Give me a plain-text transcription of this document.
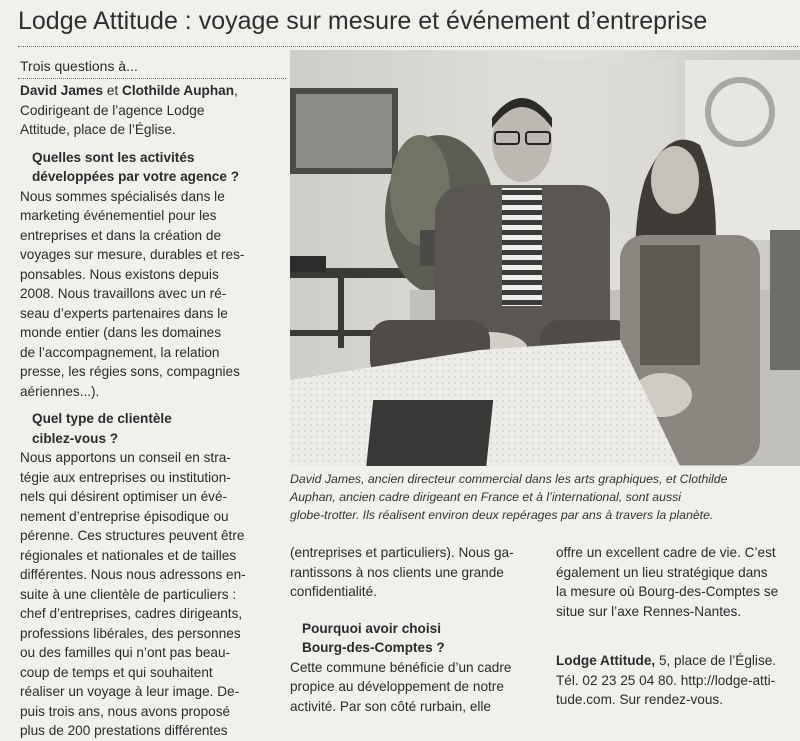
Lodge Attitude : voyage sur mesure et événement d’entreprise
Trois questions à...

David James et Clothilde Auphan,
Codirigeant de l’agence Lodge
Attitude, place de l’Église.

Quelles sont les activités
développées par votre agence ?

Nous sommes spécialisés dans le
marketing événementiel pour les
entreprises et dans la création de
voyages sur mesure, durables et res-
ponsables. Nous existons depuis
2008. Nous travaillons avec un ré-
seau d’experts partenaires dans le
monde entier (dans les domaines
de l’accompagnement, la relation
presse, les régies sons, compagnies
aériennes...).

Quel type de clientèle
ciblez-vous ?

Nous apportons un conseil en stra-
tégie aux entreprises ou institution-
nels qui désirent optimiser un évé-
nement d’entreprise épisodique ou
pérenne. Ces structures peuvent être
régionales et nationales et de tailles
différentes. Nous nous adressons en-
suite à une clientèle de particuliers :
chef d’entreprises, cadres dirigeants,
professions libérales, des personnes
ou des familles qui n’ont pas beau-
coup de temps et qui souhaitent
réaliser un voyage à leur image. De-
puis trois ans, nous avons proposé
plus de 200 prestations différentes

David James, ancien directeur commercial dans les arts graphiques, et Clothilde
Auphan, ancien cadre dirigeant en France et à l’international, sont aussi
globe-trotter. Ils réalisent environ deux repérages par ans à travers la planète.

(entreprises et particuliers). Nous ga-
rantissons à nos clients une grande
confidentialité.

Pourquoi avoir choisi
Bourg-des-Comptes ?

Cette commune bénéficie d’un cadre
propice au développement de notre
activité. Par son côté rurbain, elle

offre un excellent cadre de vie. C’est
également un lieu stratégique dans
la mesure où Bourg-des-Comptes se
situe sur l’axe Rennes-Nantes.

Lodge Attitude, 5, place de l’Église.
Tél. 02 23 25 04 80. http://lodge-atti-
tude.com. Sur rendez-vous.
